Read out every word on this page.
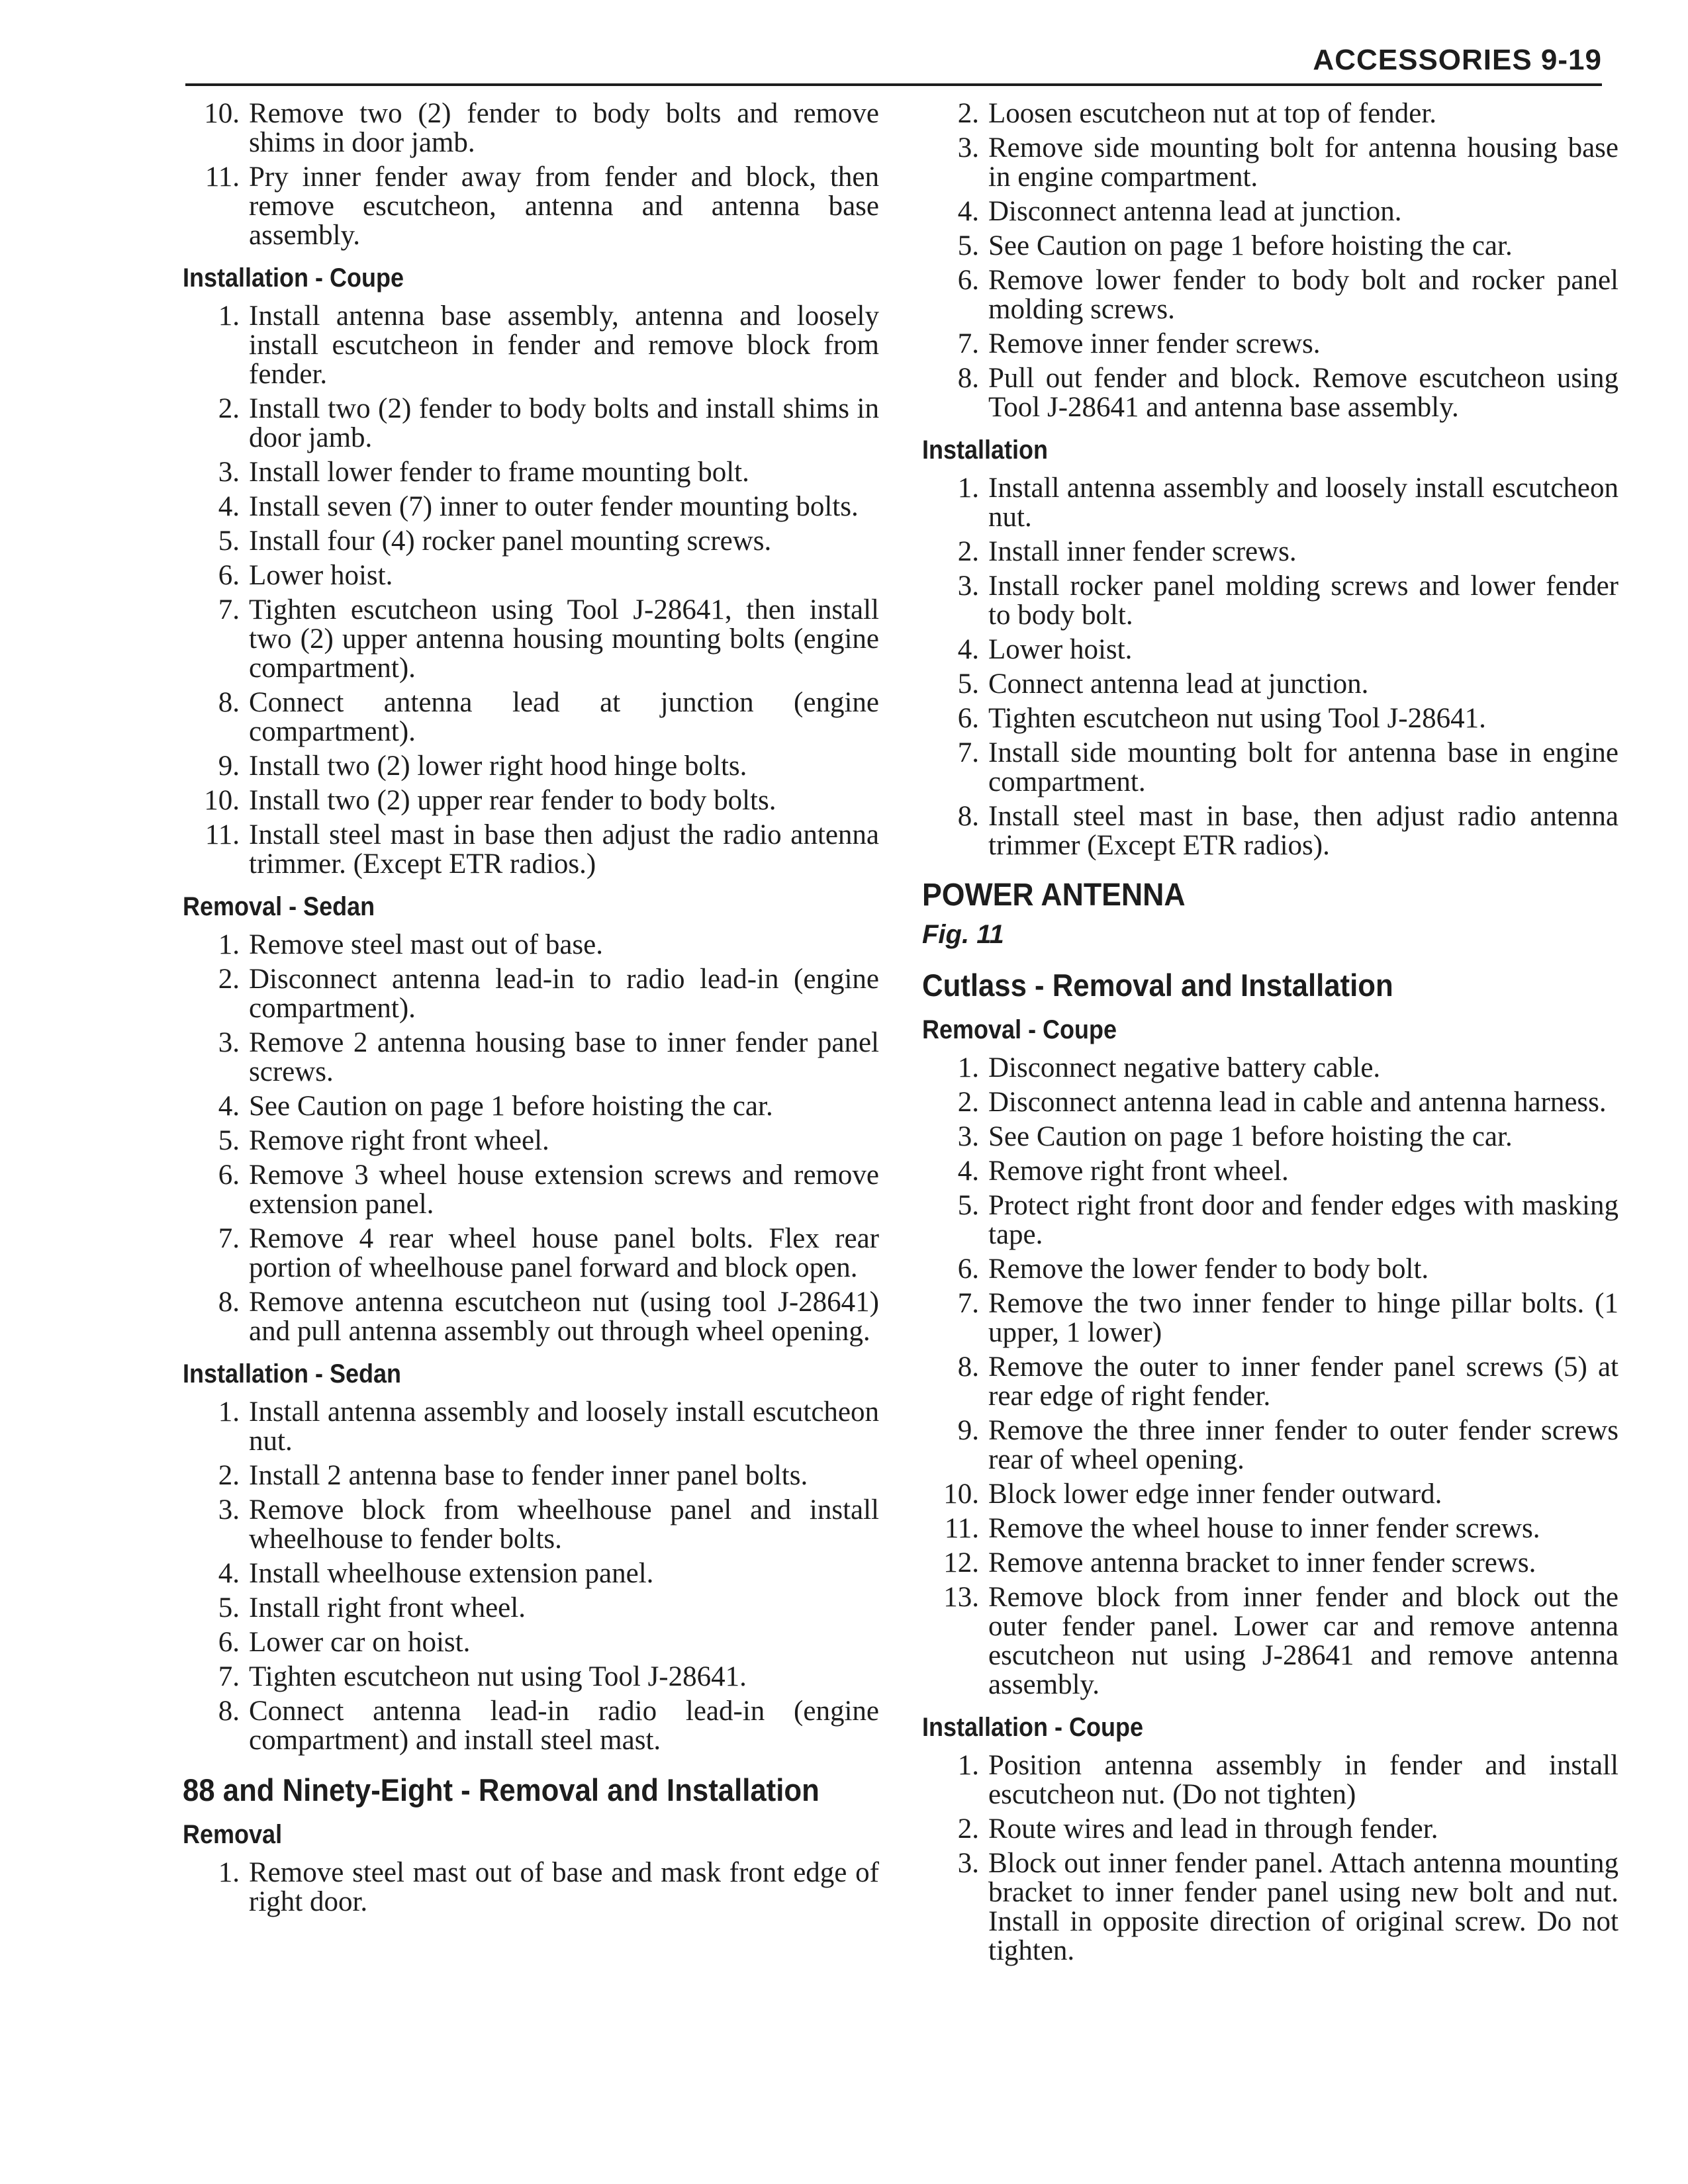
ACCESSORIES 9-19
10. Remove two (2) fender to body bolts and remove shims in door jamb.
11. Pry inner fender away from fender and block, then remove escutcheon, antenna and antenna base assembly.
Installation - Coupe
1. Install antenna base assembly, antenna and loosely install escutcheon in fender and remove block from fender.
2. Install two (2) fender to body bolts and install shims in door jamb.
3. Install lower fender to frame mounting bolt.
4. Install seven (7) inner to outer fender mounting bolts.
5. Install four (4) rocker panel mounting screws.
6. Lower hoist.
7. Tighten escutcheon using Tool J-28641, then install two (2) upper antenna housing mounting bolts (engine compartment).
8. Connect antenna lead at junction (engine compartment).
9. Install two (2) lower right hood hinge bolts.
10. Install two (2) upper rear fender to body bolts.
11. Install steel mast in base then adjust the radio antenna trimmer. (Except ETR radios.)
Removal - Sedan
1. Remove steel mast out of base.
2. Disconnect antenna lead-in to radio lead-in (engine compartment).
3. Remove 2 antenna housing base to inner fender panel screws.
4. See Caution on page 1 before hoisting the car.
5. Remove right front wheel.
6. Remove 3 wheel house extension screws and remove extension panel.
7. Remove 4 rear wheel house panel bolts. Flex rear portion of wheelhouse panel forward and block open.
8. Remove antenna escutcheon nut (using tool J-28641) and pull antenna assembly out through wheel opening.
Installation - Sedan
1. Install antenna assembly and loosely install escutcheon nut.
2. Install 2 antenna base to fender inner panel bolts.
3. Remove block from wheelhouse panel and install wheelhouse to fender bolts.
4. Install wheelhouse extension panel.
5. Install right front wheel.
6. Lower car on hoist.
7. Tighten escutcheon nut using Tool J-28641.
8. Connect antenna lead-in radio lead-in (engine compartment) and install steel mast.
88 and Ninety-Eight - Removal and Installation
Removal
1. Remove steel mast out of base and mask front edge of right door.
2. Loosen escutcheon nut at top of fender.
3. Remove side mounting bolt for antenna housing base in engine compartment.
4. Disconnect antenna lead at junction.
5. See Caution on page 1 before hoisting the car.
6. Remove lower fender to body bolt and rocker panel molding screws.
7. Remove inner fender screws.
8. Pull out fender and block. Remove escutcheon using Tool J-28641 and antenna base assembly.
Installation
1. Install antenna assembly and loosely install escutcheon nut.
2. Install inner fender screws.
3. Install rocker panel molding screws and lower fender to body bolt.
4. Lower hoist.
5. Connect antenna lead at junction.
6. Tighten escutcheon nut using Tool J-28641.
7. Install side mounting bolt for antenna base in engine compartment.
8. Install steel mast in base, then adjust radio antenna trimmer (Except ETR radios).
POWER ANTENNA
Fig. 11
Cutlass - Removal and Installation
Removal - Coupe
1. Disconnect negative battery cable.
2. Disconnect antenna lead in cable and antenna harness.
3. See Caution on page 1 before hoisting the car.
4. Remove right front wheel.
5. Protect right front door and fender edges with masking tape.
6. Remove the lower fender to body bolt.
7. Remove the two inner fender to hinge pillar bolts. (1 upper, 1 lower)
8. Remove the outer to inner fender panel screws (5) at rear edge of right fender.
9. Remove the three inner fender to outer fender screws rear of wheel opening.
10. Block lower edge inner fender outward.
11. Remove the wheel house to inner fender screws.
12. Remove antenna bracket to inner fender screws.
13. Remove block from inner fender and block out the outer fender panel. Lower car and remove antenna escutcheon nut using J-28641 and remove antenna assembly.
Installation - Coupe
1. Position antenna assembly in fender and install escutcheon nut. (Do not tighten)
2. Route wires and lead in through fender.
3. Block out inner fender panel. Attach antenna mounting bracket to inner fender panel using new bolt and nut. Install in opposite direction of original screw. Do not tighten.
